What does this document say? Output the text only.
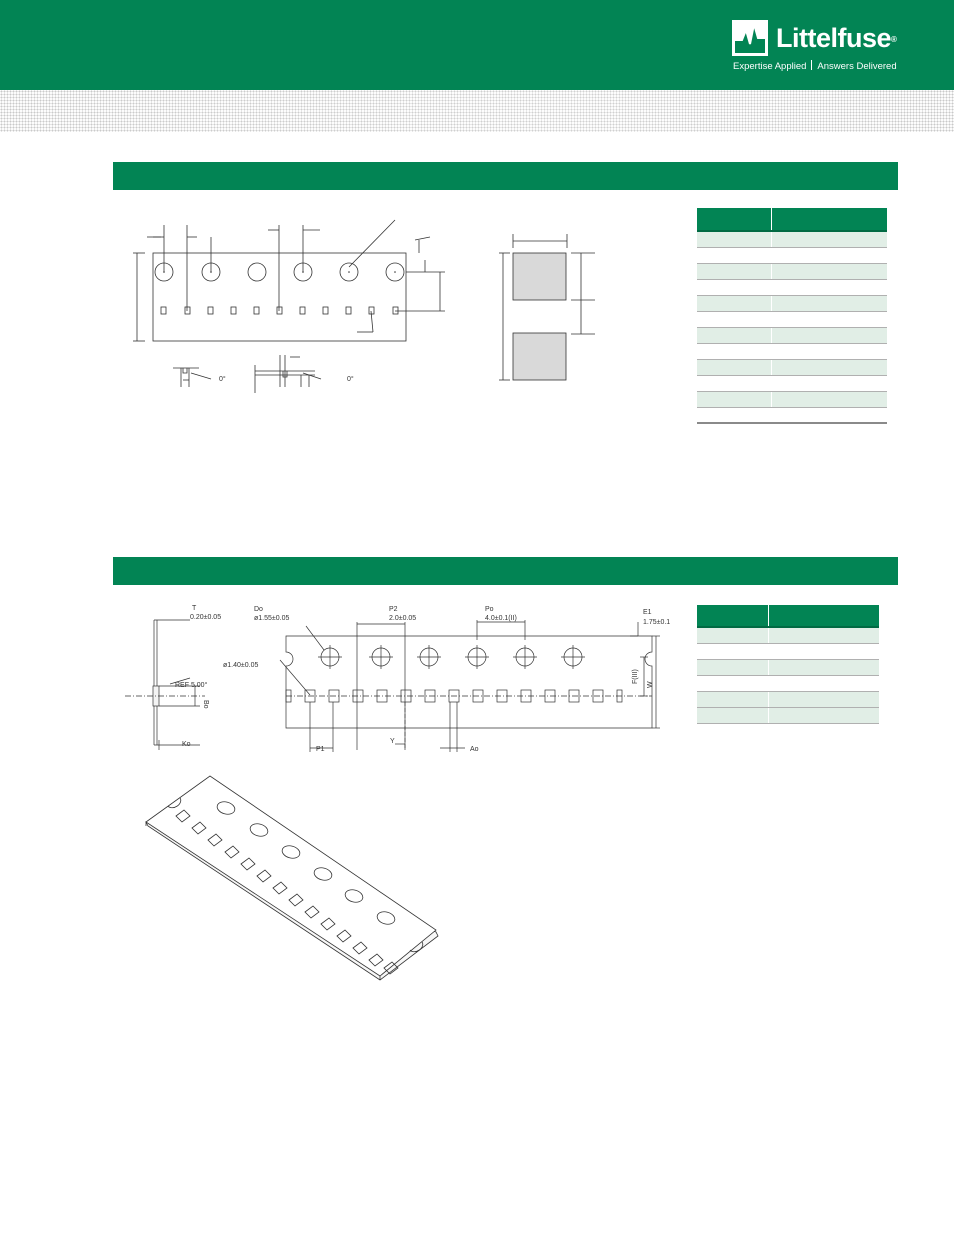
Littelfuse®
Expertise Applied Answers Delivered
0°	0°

T
0.20±0.05
REF 5.00°
Bo
Ko
Do
ø1.55±0.05
P2
2.0±0.05
Po
4.0±0.1(II)
E1
1.75±0.1
ø1.40±0.05
P1
Y
Ao
F(III)
W
